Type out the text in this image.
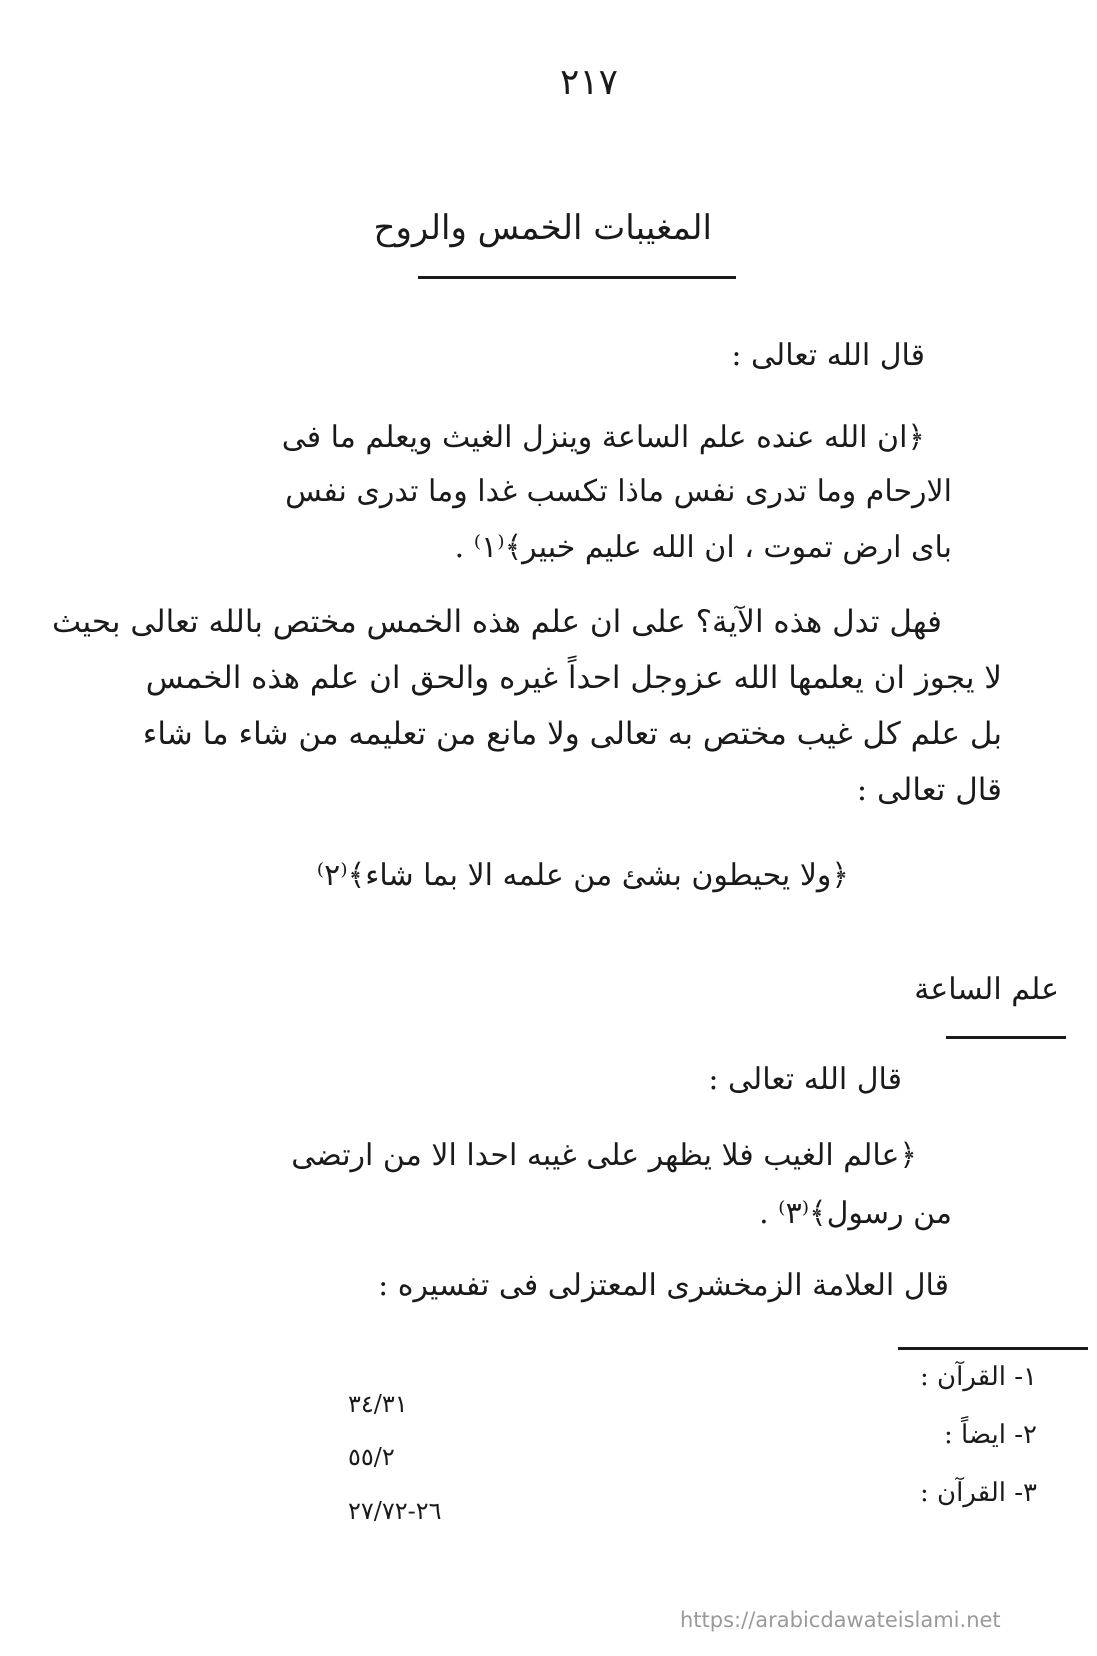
٢١٧
المغيبات الخمس والروح
قال الله تعالى :
﴿ان الله عنده علم الساعة وينزل الغيث ويعلم ما فى
الارحام وما تدرى نفس ماذا تكسب غدا وما تدرى نفس
باى ارض تموت ، ان الله عليم خبير﴾⁽١⁾ .
فهل تدل هذه الآية؟ على ان علم هذه الخمس مختص بالله تعالى بحيث
لا يجوز ان يعلمها الله عزوجل احداً غيره والحق ان علم هذه الخمس
بل علم كل غيب مختص به تعالى ولا مانع من تعليمه من شاء ما شاء
قال تعالى :
﴿ولا يحيطون بشئ من علمه الا بما شاء﴾⁽٢⁾
علم الساعة
قال الله تعالى :
﴿عالم الغيب فلا يظهر على غيبه احدا الا من ارتضى
من رسول﴾⁽٣⁾ .
قال العلامة الزمخشرى المعتزلى فى تفسيره :
١- القرآن :
٣٤/٣١
٢- ايضاً :
٥٥/٢
٣- القرآن :
٢٦-٢٧/٧٢
https://arabicdawateislami.net
